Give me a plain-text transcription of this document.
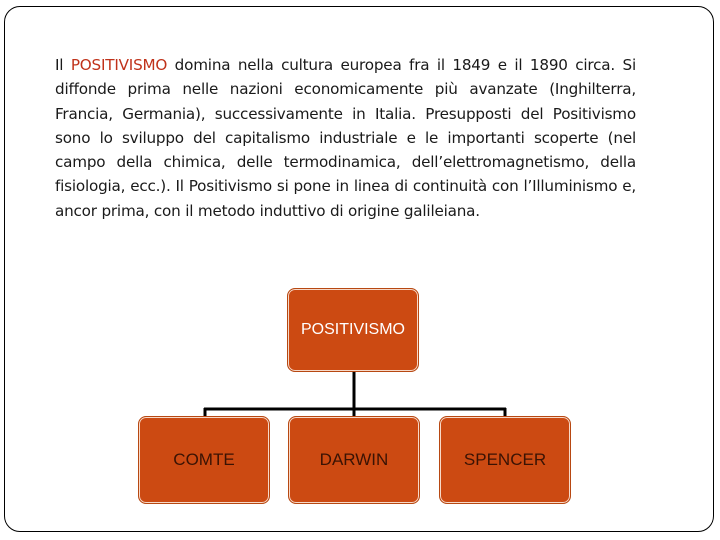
Il POSITIVISMO domina nella cultura europea fra il 1849 e il 1890 circa. Si diffonde prima nelle nazioni economicamente più avanzate (Inghilterra, Francia, Germania), successivamente in Italia. Presupposti del Positivismo sono lo sviluppo del capitalismo industriale e le importanti scoperte (nel campo della chimica, delle termodinamica, dell’elettromagnetismo, della fisiologia, ecc.). Il Positivismo si pone in linea di continuità con l’Illuminismo e, ancor prima, con il metodo induttivo di origine galileiana.

POSITIVISMO
COMTE	DARWIN	SPENCER
